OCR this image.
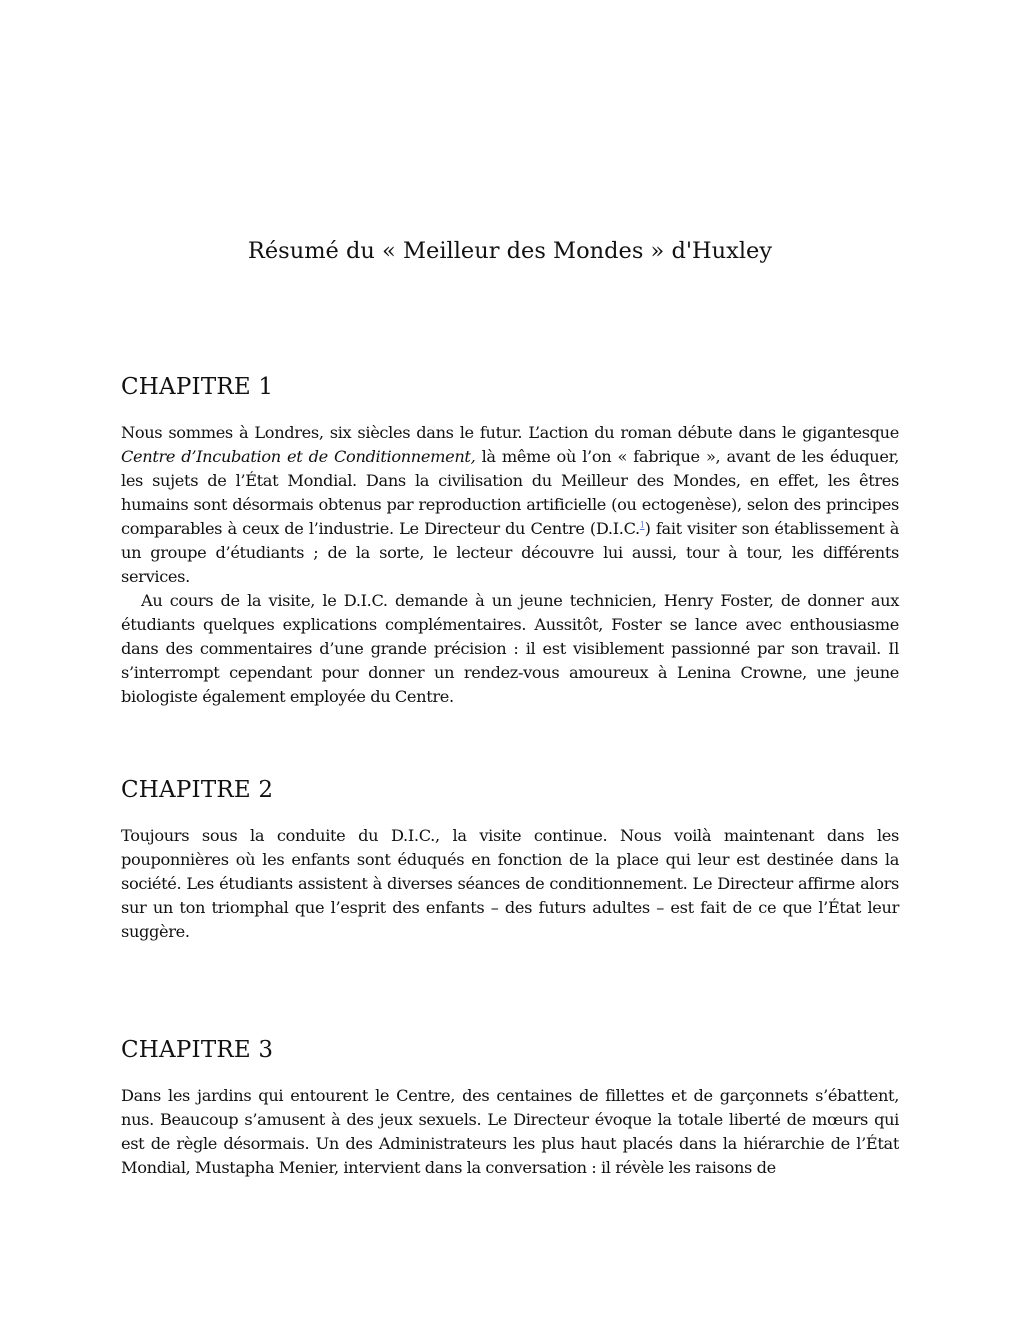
Résumé du « Meilleur des Mondes » d'Huxley
CHAPITRE 1

Nous sommes à Londres, six siècles dans le futur. L’action du roman débute dans le gigantesque Centre d’Incubation et de Conditionnement, là même où l’on « fabrique », avant de les éduquer, les sujets de l’État Mondial. Dans la civilisation du Meilleur des Mondes, en effet, les êtres humains sont désormais obtenus par reproduction artificielle (ou ectogenèse), selon des principes comparables à ceux de l’industrie. Le Directeur du Centre (D.I.C.$^1$) fait visiter son établissement à un groupe d’étudiants ; de la sorte, le lecteur découvre lui aussi, tour à tour, les différents services.

Au cours de la visite, le D.I.C. demande à un jeune technicien, Henry Foster, de donner aux étudiants quelques explications complémentaires. Aussitôt, Foster se lance avec enthousiasme dans des commentaires d’une grande précision : il est visiblement passionné par son travail. Il s’interrompt cependant pour donner un rendez-vous amoureux à Lenina Crowne, une jeune biologiste également employée du Centre.

CHAPITRE 2

Toujours sous la conduite du D.I.C., la visite continue. Nous voilà maintenant dans les pouponnières où les enfants sont éduqués en fonction de la place qui leur est destinée dans la société. Les étudiants assistent à diverses séances de conditionnement. Le Directeur affirme alors sur un ton triomphal que l’esprit des enfants – des futurs adultes – est fait de ce que l’État leur suggère.

CHAPITRE 3

Dans les jardins qui entourent le Centre, des centaines de fillettes et de garçonnets s’ébattent, nus. Beaucoup s’amusent à des jeux sexuels. Le Directeur évoque la totale liberté de mœurs qui est de règle désormais. Un des Administrateurs les plus haut placés dans la hiérarchie de l’État Mondial, Mustapha Menier, intervient dans la conversation : il révèle les raisons de
